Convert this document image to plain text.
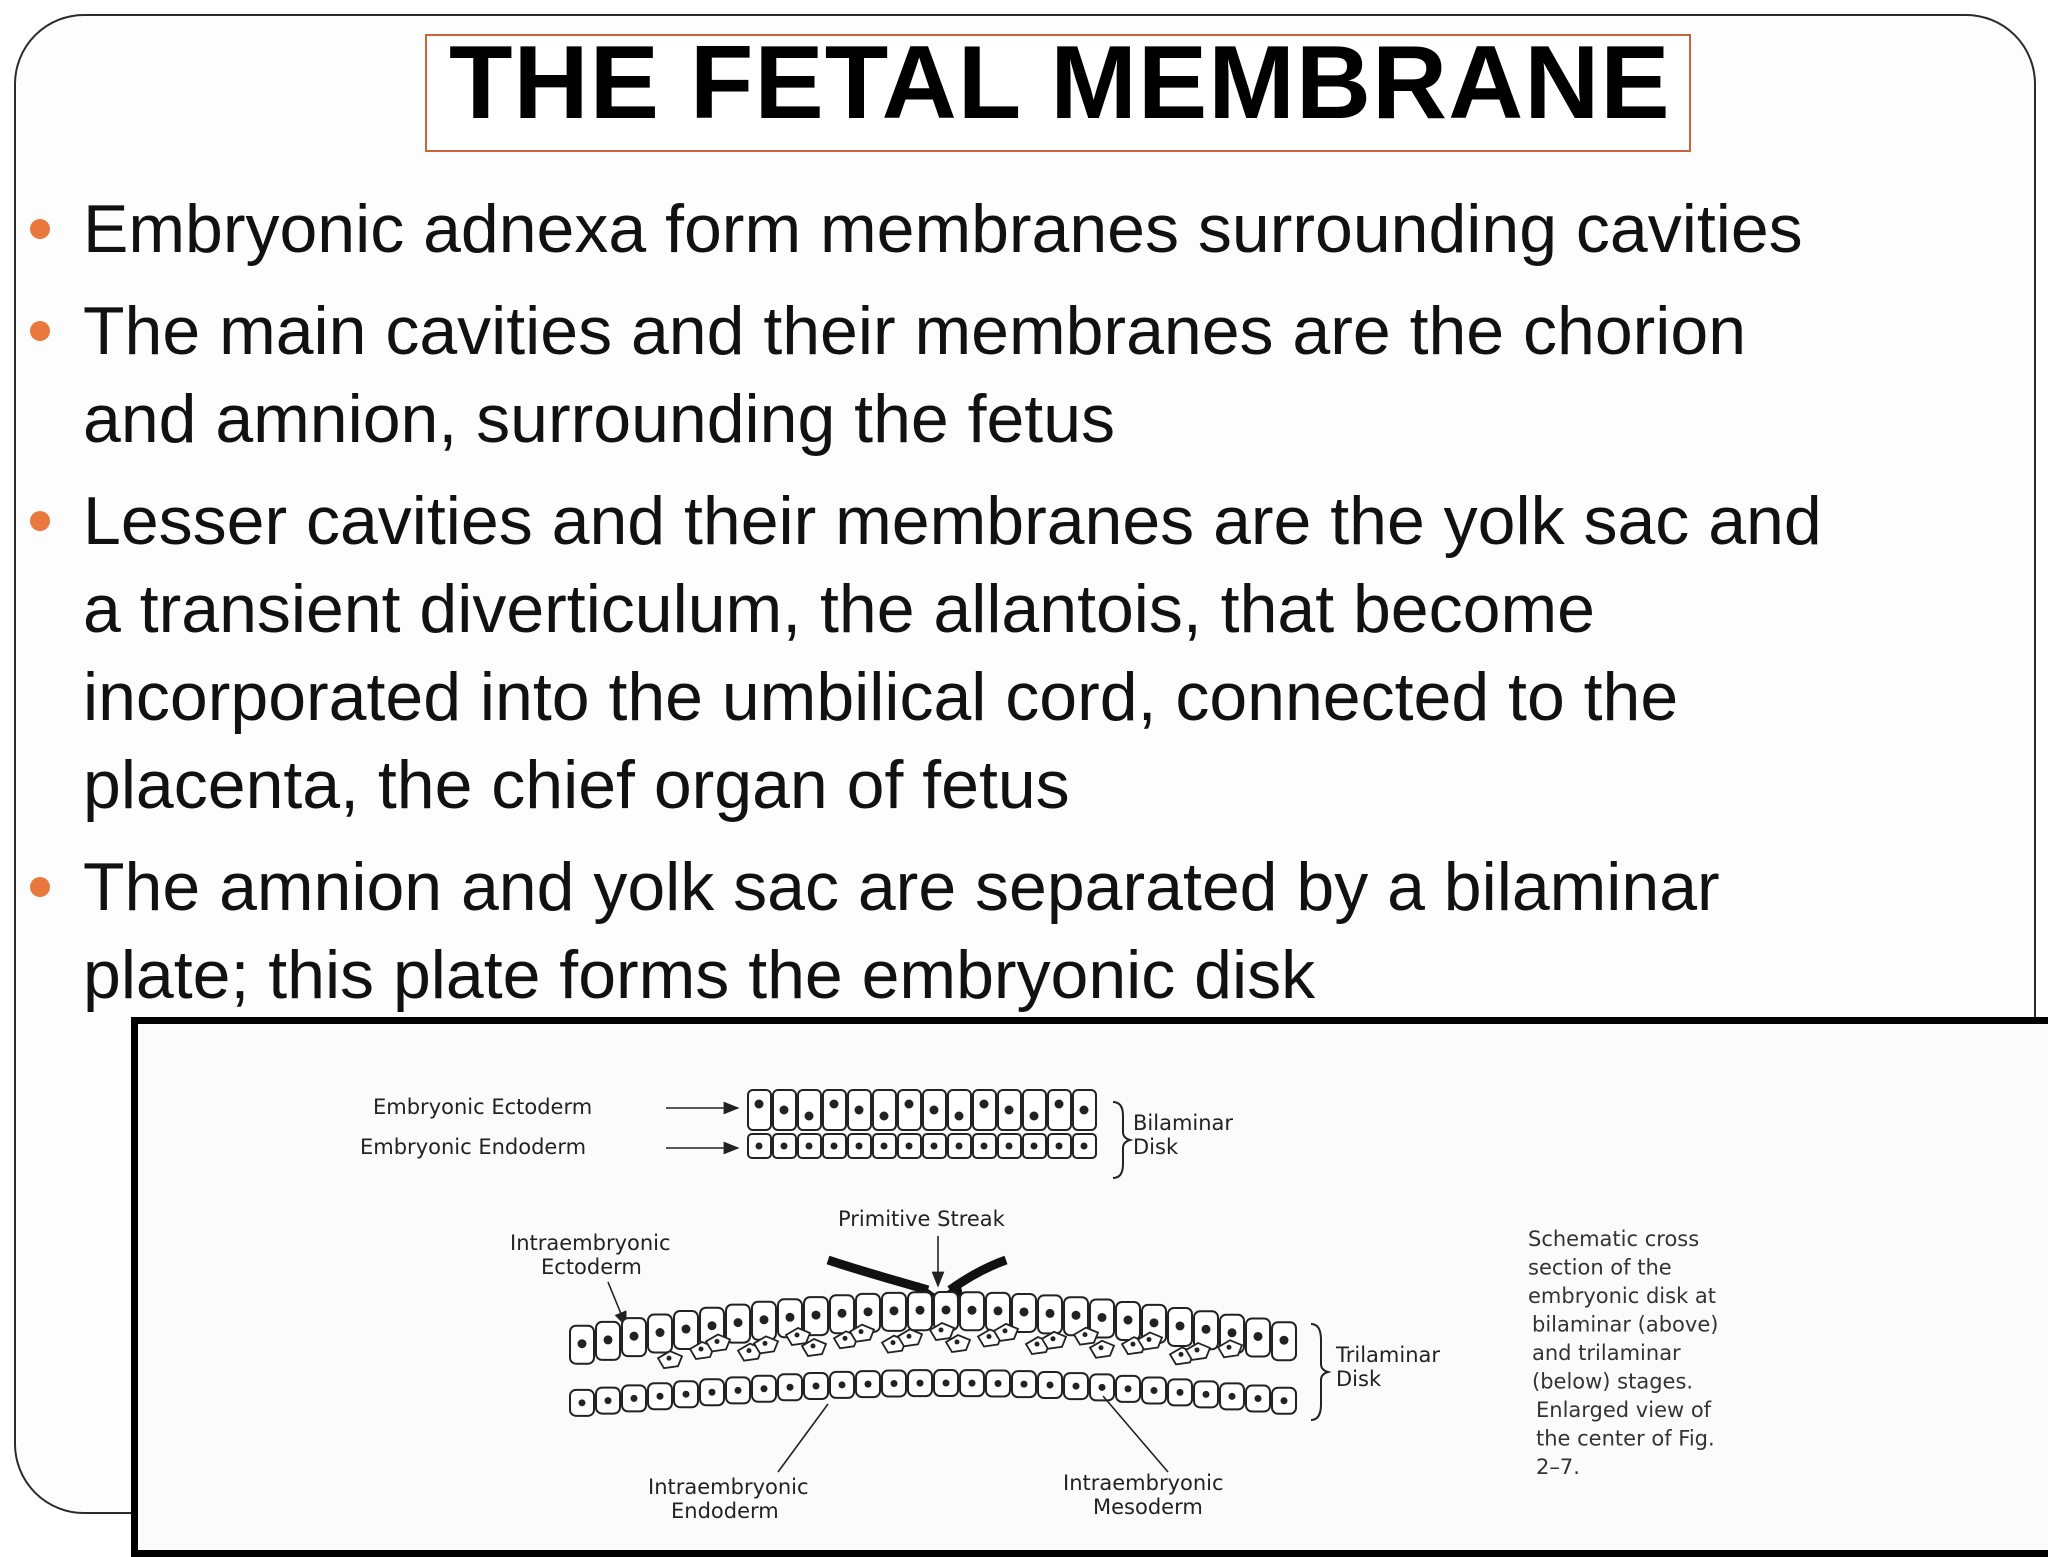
THE FETAL MEMBRANE
Embryonic adnexa form membranes surrounding cavities
The main cavities and their membranes are the chorion
and amnion, surrounding the fetus
Lesser cavities and their membranes are the yolk sac and
a transient diverticulum, the allantois, that become
incorporated into the umbilical cord, connected to the
placenta, the chief organ of fetus
The amnion and yolk sac are separated by a bilaminar
plate; this plate forms the embryonic disk
Embryonic Ectoderm
Embryonic Endoderm
Bilaminar
Disk
Primitive Streak
Intraembryonic
Ectoderm
Trilaminar
Disk
Intraembryonic
Endoderm
Intraembryonic
Mesoderm
Schematic cross
section of the
embryonic disk at
bilaminar (above)
and trilaminar
(below) stages.
Enlarged view of
the center of Fig.
2–7.
